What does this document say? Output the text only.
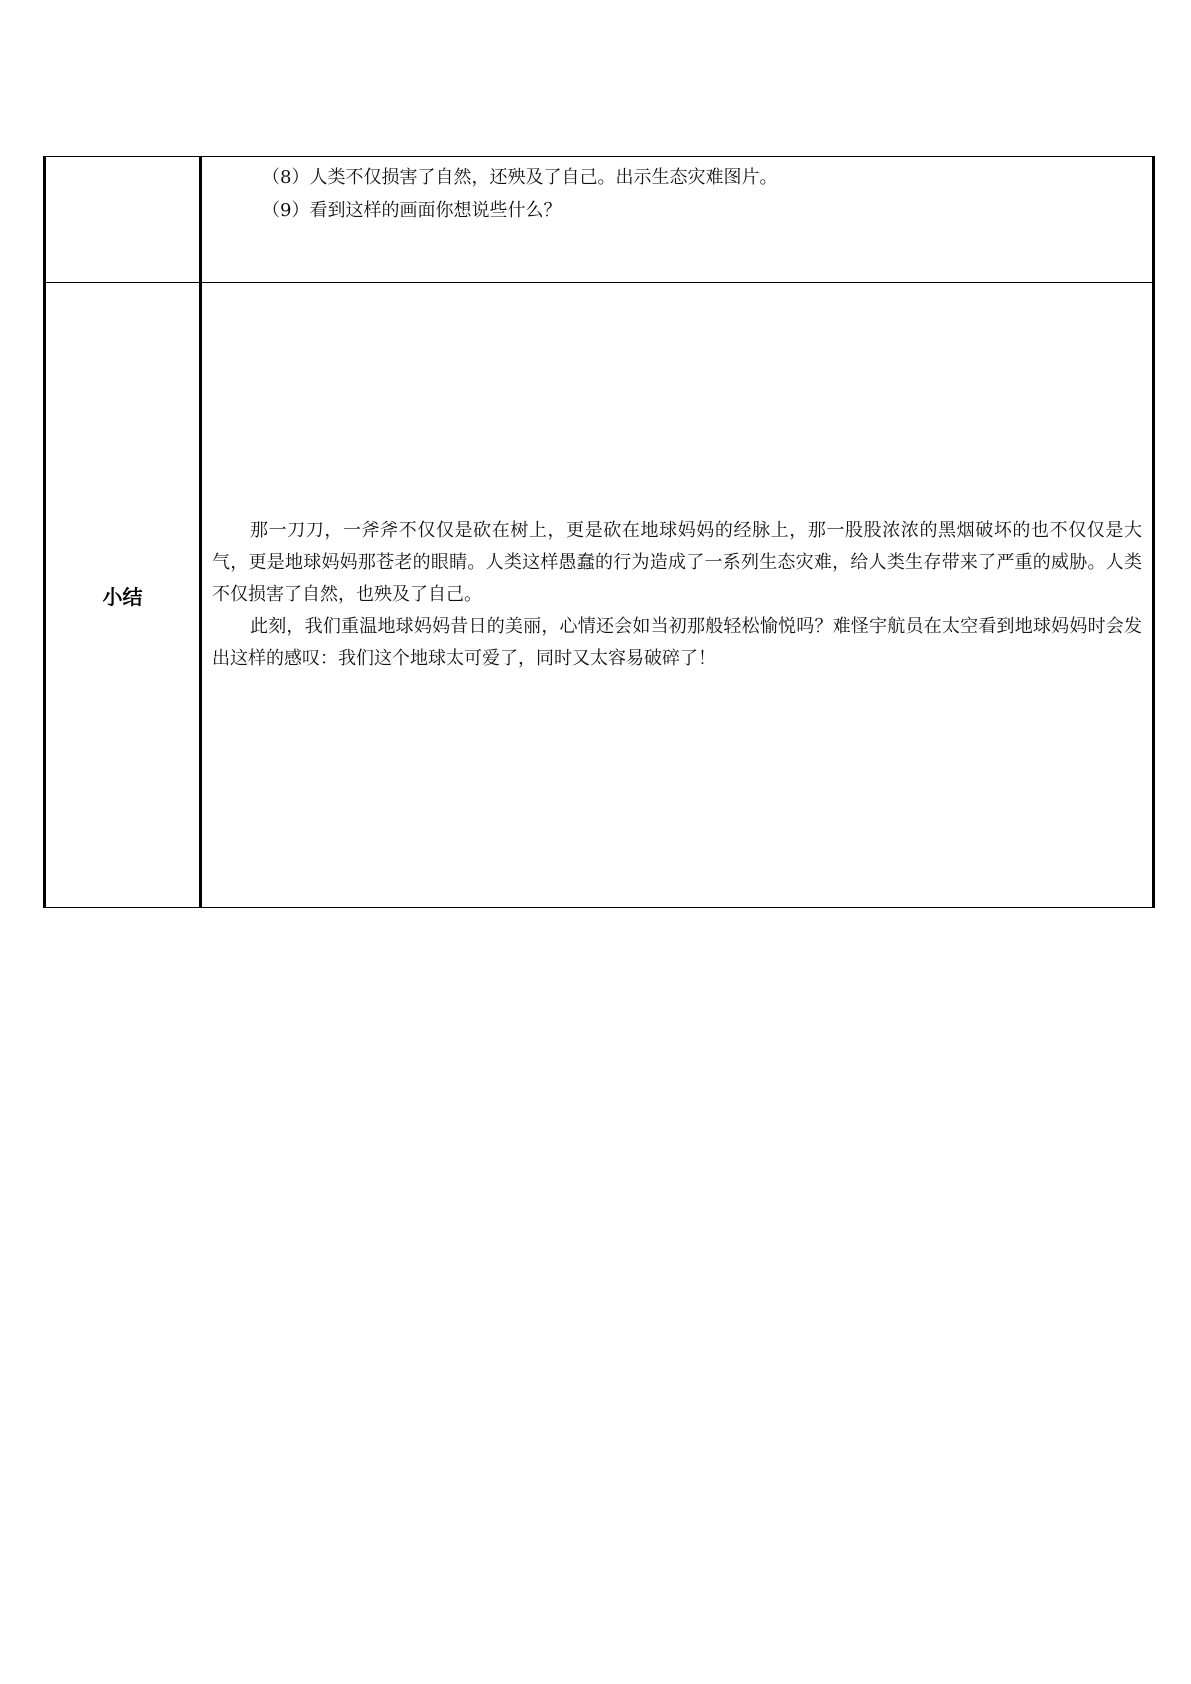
	（8）人类不仅损害了自然，还殃及了自己。出示生态灾难图片。

（9）看到这样的画面你想说些什么？

小结	那一刀刀，一斧斧不仅仅是砍在树上，更是砍在地球妈妈的经脉上，那一股股浓浓的黑烟破坏的也不仅仅是大气，更是地球妈妈那苍老的眼睛。人类这样愚蠢的行为造成了一系列生态灾难，给人类生存带来了严重的威胁。人类不仅损害了自然，也殃及了自己。

此刻，我们重温地球妈妈昔日的美丽，心情还会如当初那般轻松愉悦吗？难怪宇航员在太空看到地球妈妈时会发出这样的感叹：我们这个地球太可爱了，同时又太容易破碎了！
